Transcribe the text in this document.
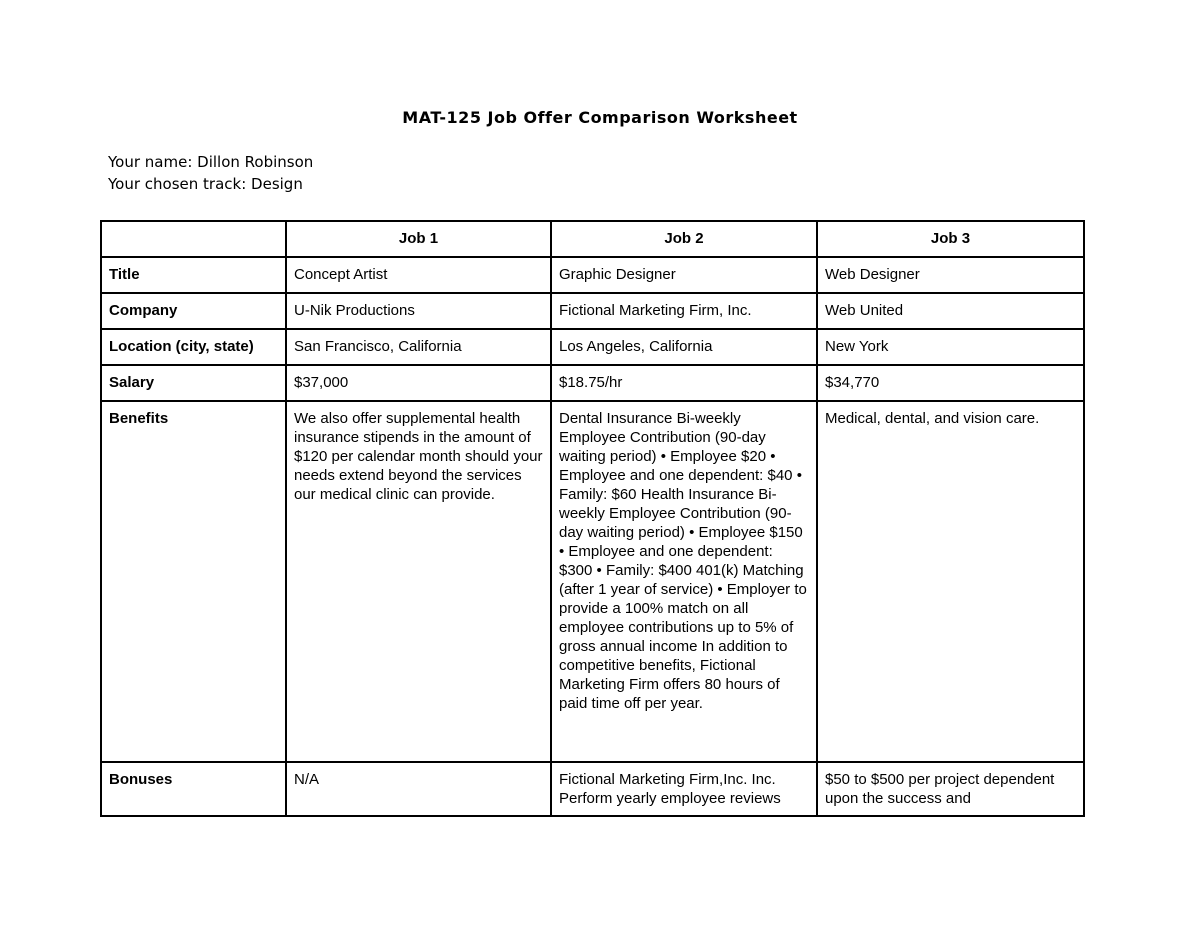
MAT-125 Job Offer Comparison Worksheet
Your name: Dillon Robinson
Your chosen track: Design
	Job 1	Job 2	Job 3
Title	Concept Artist	Graphic Designer	Web Designer
Company	U-Nik Productions	Fictional Marketing Firm, Inc.	Web United
Location (city, state)	San Francisco, California	Los Angeles, California	New York
Salary	$37,000	$18.75/hr	$34,770
Benefits	We also offer supplemental health insurance stipends in the amount of $120 per calendar month should your needs extend beyond the services our medical clinic can provide.	Dental Insurance Bi-weekly Employee Contribution (90-day waiting period) • Employee $20 • Employee and one dependent: $40 • Family: $60 Health Insurance Bi-weekly Employee Contribution (90-day waiting period) • Employee $150 • Employee and one dependent: $300 • Family: $400 401(k) Matching (after 1 year of service) • Employer to provide a 100% match on all employee contributions up to 5% of gross annual income In addition to competitive benefits, Fictional Marketing Firm offers 80 hours of paid time off per year.	Medical, dental, and vision care.
Bonuses	N/A	Fictional Marketing Firm,Inc. Inc. Perform yearly employee reviews	$50 to $500 per project dependent upon the success and
